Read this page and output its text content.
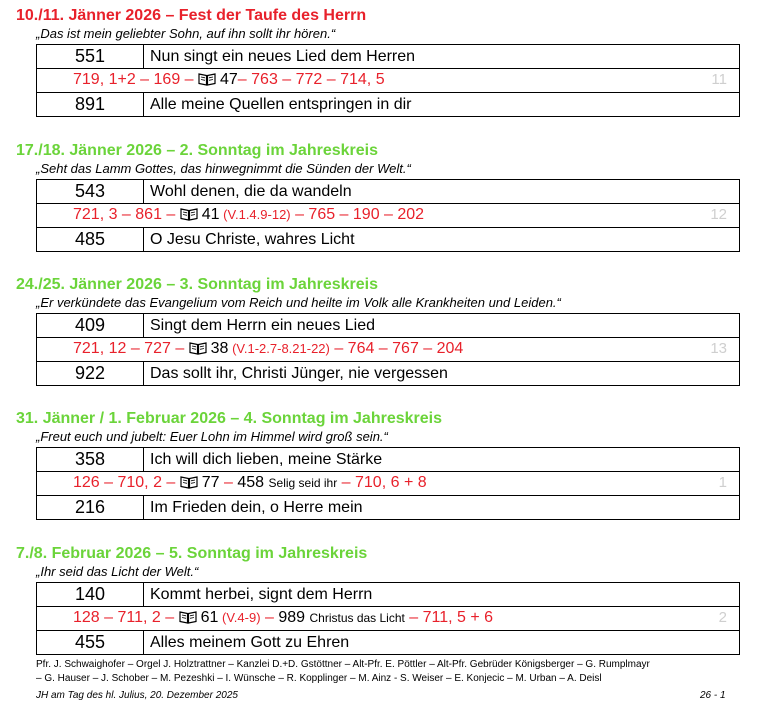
10./11. Jänner 2026 – Fest der Taufe des Herrn
„Das ist mein geliebter Sohn, auf ihn sollt ihr hören.“
551	Nun singt ein neues Lied dem Herren
719, 1+2 – 169 – 47– 763 – 772 – 714, 5 11	

891	Alle meine Quellen entspringen in dir
17./18. Jänner 2026 – 2. Sonntag im Jahreskreis
„Seht das Lamm Gottes, das hinwegnimmt die Sünden der Welt.“
543	Wohl denen, die da wandeln
721, 3 – 861 – 41 (V.1.4.9-12) – 765 – 190 – 202 12	

485	O Jesu Christe, wahres Licht
24./25. Jänner 2026 – 3. Sonntag im Jahreskreis
„Er verkündete das Evangelium vom Reich und heilte im Volk alle Krankheiten und Leiden.“
409	Singt dem Herrn ein neues Lied
721, 12 – 727 – 38 (V.1-2.7-8.21-22) – 764 – 767 – 204 13	

922	Das sollt ihr, Christi Jünger, nie vergessen
31. Jänner / 1. Februar 2026 – 4. Sonntag im Jahreskreis
„Freut euch und jubelt: Euer Lohn im Himmel wird groß sein.“
358	Ich will dich lieben, meine Stärke
126 – 710, 2 – 77 – 458 Selig seid ihr – 710, 6 + 8 1	

216	Im Frieden dein, o Herre mein
7./8. Februar 2026 – 5. Sonntag im Jahreskreis
„Ihr seid das Licht der Welt.“
140	Kommt herbei, signt dem Herrn
128 – 711, 2 – 61 (V.4-9) – 989 Christus das Licht – 711, 5 + 6 2	

455	Alles meinem Gott zu Ehren
Pfr. J. Schwaighofer – Orgel J. Holztrattner – Kanzlei D.+D. Gstöttner – Alt-Pfr. E. Pöttler – Alt-Pfr. Gebrüder Königsberger – G. Rumplmayr
– G. Hauser – J. Schober – M. Pezeshki – I. Wünsche – R. Kopplinger – M. Ainz - S. Weiser – E. Konjecic – M. Urban – A. Deisl
JH am Tag des hl. Julius, 20. Dezember 2025	26 - 1
